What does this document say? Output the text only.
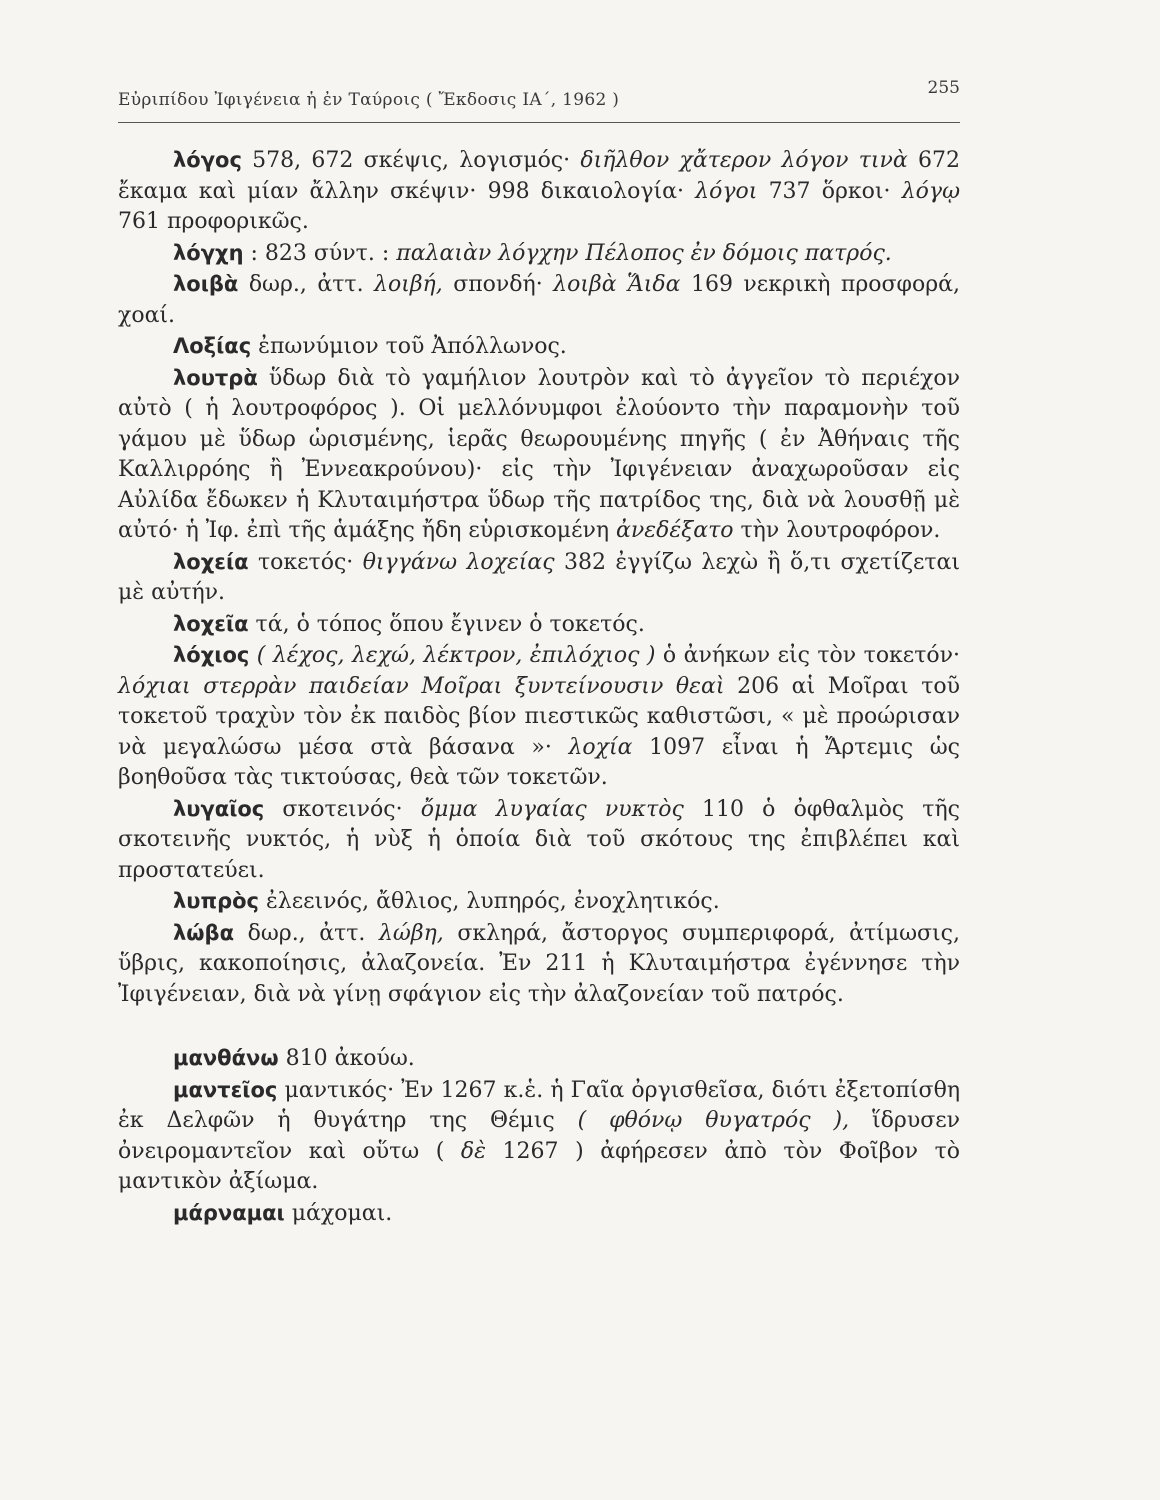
Εὐριπίδου Ἰφιγένεια ἡ ἐν Ταύροις ( Ἔκδοσις ΙΑ΄, 1962 )
255

λόγος 578, 672 σκέψις, λογισμός· διῆλθον χἄτερον λόγον τινὰ 672 ἔκαμα καὶ μίαν ἄλλην σκέψιν· 998 δικαιολογία· λόγοι 737 ὅρκοι· λόγῳ 761 προφορικῶς.

λόγχη : 823 σύντ. : παλαιὰν λόγχην Πέλοπος ἐν δόμοις πατρός.

λοιβὰ δωρ., ἀττ. λοιβή, σπονδή· λοιβὰ Ἅιδα 169 νεκρικὴ προσφορά, χοαί.

Λοξίας ἐπωνύμιον τοῦ Ἀπόλλωνος.

λουτρὰ ὕδωρ διὰ τὸ γαμήλιον λουτρὸν καὶ τὸ ἀγγεῖον τὸ περιέχον αὐτὸ ( ἡ λουτροφόρος ). Οἱ μελλόνυμφοι ἐλούοντο τὴν παραμονὴν τοῦ γάμου μὲ ὕδωρ ὡρισμένης, ἱερᾶς θεωρουμένης πηγῆς ( ἐν Ἀθήναις τῆς Καλλιρρόης ἢ Ἐννεακρούνου)· εἰς τὴν Ἰφιγένειαν ἀναχωροῦσαν εἰς Αὐλίδα ἔδωκεν ἡ Κλυταιμήστρα ὕδωρ τῆς πατρίδος της, διὰ νὰ λουσθῇ μὲ αὐτό· ἡ Ἰφ. ἐπὶ τῆς ἁμάξης ἤδη εὑρισκομένη ἀνεδέξατο τὴν λουτροφόρον.

λοχεία τοκετός· θιγγάνω λοχείας 382 ἐγγίζω λεχὼ ἢ ὅ,τι σχετίζεται μὲ αὐτήν.

λοχεῖα τά, ὁ τόπος ὅπου ἔγινεν ὁ τοκετός.

λόχιος ( λέχος, λεχώ, λέκτρον, ἐπιλόχιος ) ὁ ἀνήκων εἰς τὸν τοκετόν· λόχιαι στερρὰν παιδείαν Μοῖραι ξυντείνουσιν θεαὶ 206 αἱ Μοῖραι τοῦ τοκετοῦ τραχὺν τὸν ἐκ παιδὸς βίον πιεστικῶς καθιστῶσι, « μὲ προώρισαν νὰ μεγαλώσω μέσα στὰ βάσανα »· λοχία 1097 εἶναι ἡ Ἄρτεμις ὡς βοηθοῦσα τὰς τικτούσας, θεὰ τῶν τοκετῶν.

λυγαῖος σκοτεινός· ὄμμα λυγαίας νυκτὸς 110 ὁ ὀφθαλμὸς τῆς σκοτεινῆς νυκτός, ἡ νὺξ ἡ ὁποία διὰ τοῦ σκότους της ἐπιβλέπει καὶ προστατεύει.

λυπρὸς ἐλεεινός, ἄθλιος, λυπηρός, ἐνοχλητικός.

λώβα δωρ., ἀττ. λώβη, σκληρά, ἄστοργος συμπεριφορά, ἀτίμωσις, ὕβρις, κακοποίησις, ἀλαζονεία. Ἐν 211 ἡ Κλυταιμήστρα ἐγέννησε τὴν Ἰφιγένειαν, διὰ νὰ γίνῃ σφάγιον εἰς τὴν ἀλαζονείαν τοῦ πατρός.

μανθάνω 810 ἀκούω.

μαντεῖος μαντικός· Ἐν 1267 κ.ἑ. ἡ Γαῖα ὀργισθεῖσα, διότι ἐξετοπίσθη ἐκ Δελφῶν ἡ θυγάτηρ της Θέμις ( φθόνῳ θυγατρός ), ἵδρυσεν ὀνειρομαντεῖον καὶ οὕτω ( δὲ 1267 ) ἀφήρεσεν ἀπὸ τὸν Φοῖβον τὸ μαντικὸν ἀξίωμα.

μάρναμαι μάχομαι.
